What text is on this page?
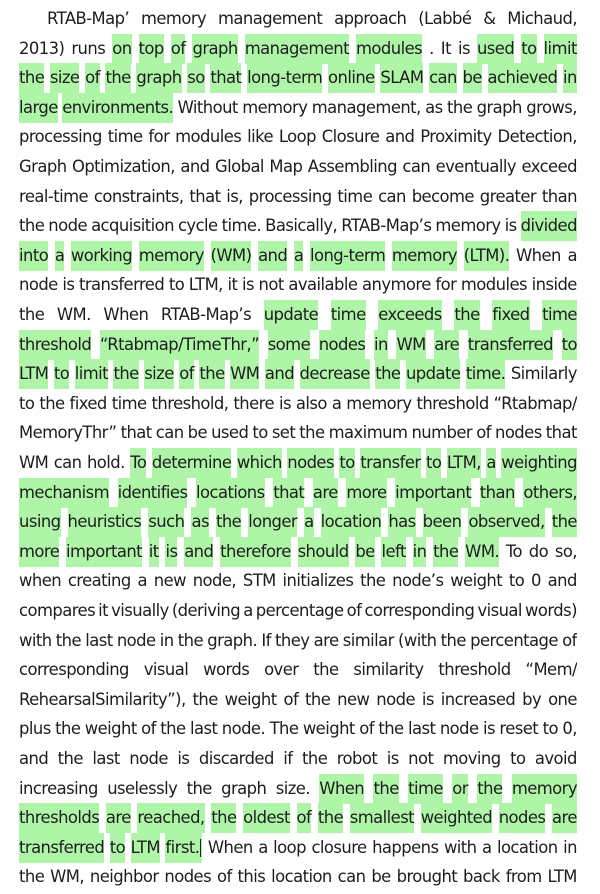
RTAB-Map’ memory management approach (Labbé & Michaud,
2013) runs on top of graph management modules . It is used to limit
the size of the graph so that long-term online SLAM can be achieved in
large environments. Without memory management, as the graph grows,
processing time for modules like Loop Closure and Proximity Detection,
Graph Optimization, and Global Map Assembling can eventually exceed
real-time constraints, that is, processing time can become greater than
the node acquisition cycle time. Basically, RTAB-Map’s memory is divided
into a working memory (WM) and a long-term memory (LTM). When a
node is transferred to LTM, it is not available anymore for modules inside
the WM. When RTAB-Map’s update time exceeds the fixed time
threshold “Rtabmap/TimeThr,” some nodes in WM are transferred to
LTM to limit the size of the WM and decrease the update time. Similarly
to the fixed time threshold, there is also a memory threshold “Rtabmap/
MemoryThr” that can be used to set the maximum number of nodes that
WM can hold. To determine which nodes to transfer to LTM, a weighting
mechanism identifies locations that are more important than others,
using heuristics such as the longer a location has been observed, the
more important it is and therefore should be left in the WM. To do so,
when creating a new node, STM initializes the node’s weight to 0 and
compares it visually (deriving a percentage of corresponding visual words)
with the last node in the graph. If they are similar (with the percentage of
corresponding visual words over the similarity threshold “Mem/
RehearsalSimilarity”), the weight of the new node is increased by one
plus the weight of the last node. The weight of the last node is reset to 0,
and the last node is discarded if the robot is not moving to avoid
increasing uselessly the graph size. When the time or the memory
thresholds are reached, the oldest of the smallest weighted nodes are
transferred to LTM first. When a loop closure happens with a location in
the WM, neighbor nodes of this location can be brought back from LTM
